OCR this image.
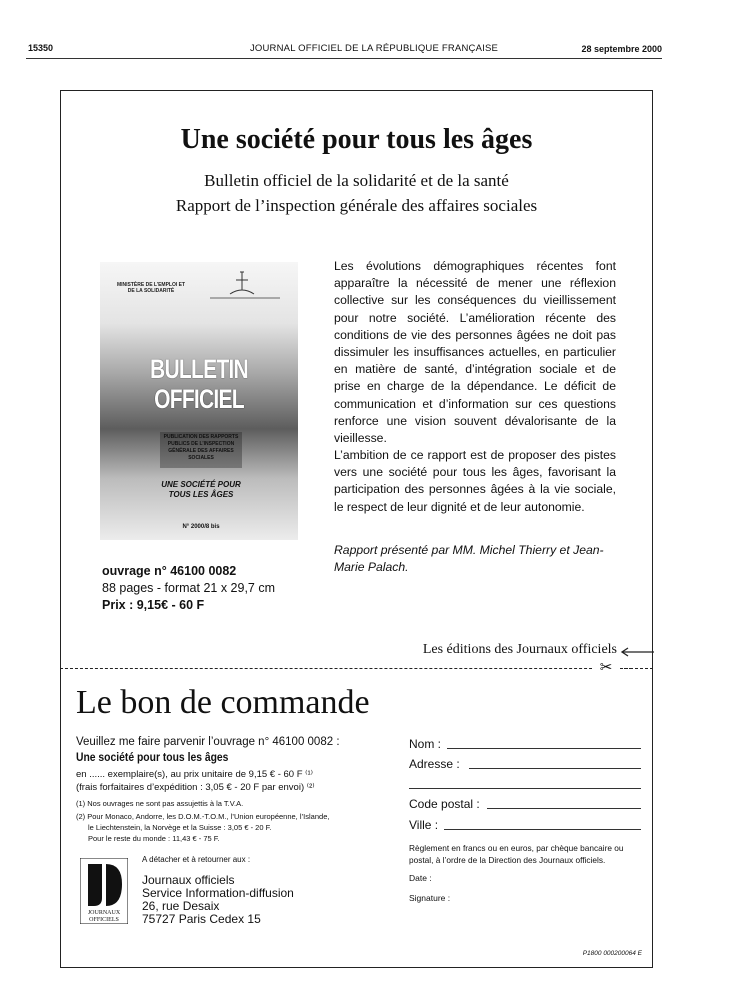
15350	JOURNAL OFFICIEL DE LA RÉPUBLIQUE FRANÇAISE	28 septembre 2000
Une société pour tous les âges
Bulletin officiel de la solidarité et de la santé
Rapport de l’inspection générale des affaires sociales
MINISTÈRE DE L’EMPLOI ET DE LA SOLIDARITÉ
BULLETIN
OFFICIEL
PUBLICATION DES RAPPORTS PUBLICS DE L’INSPECTION GÉNÉRALE DES AFFAIRES SOCIALES
UNE SOCIÉTÉ POUR TOUS LES ÂGES
N° 2000/8 bis
ouvrage n° 46100 0082
88 pages - format 21 x 29,7 cm
Prix : 9,15€ - 60 F
Les évolutions démographiques récentes font apparaître la nécessité de mener une réflexion collective sur les conséquences du vieillissement pour notre société. L’amélioration récente des conditions de vie des personnes âgées ne doit pas dissimuler les insuffisances actuelles, en particulier en matière de santé, d’intégration sociale et de prise en charge de la dépendance. Le déficit de communication et d’information sur ces questions renforce une vision souvent dévalorisante de la vieillesse.
L’ambition de ce rapport est de proposer des pistes vers une société pour tous les âges, favorisant la participation des personnes âgées à la vie sociale, le respect de leur dignité et de leur autonomie.
Rapport présenté par MM. Michel Thierry et Jean-Marie Palach.
Les éditions des Journaux officiels
✂
Le bon de commande
Veuillez me faire parvenir l’ouvrage n° 46100 0082 :
Une société pour tous les âges
en ...... exemplaire(s), au prix unitaire de 9,15 € - 60 F ⁽¹⁾
(frais forfaitaires d’expédition : 3,05 € - 20 F par envoi) ⁽²⁾
(1) Nos ouvrages ne sont pas assujettis à la T.V.A.
(2) Pour Monaco, Andorre, les D.O.M.-T.O.M., l’Union européenne, l’Islande,
le Liechtenstein, la Norvège et la Suisse : 3,05 € - 20 F.
Pour le reste du monde : 11,43 € - 75 F.
A détacher et à retourner aux :
JOURNAUX
OFFICIELS
Journaux officiels
Service Information-diffusion
26, rue Desaix
75727 Paris Cedex 15
Nom :
Adresse :
Code postal :
Ville :
Règlement en francs ou en euros, par chèque bancaire ou postal, à l’ordre de la Direction des Journaux officiels.
Date :
Signature :
P1800 000200064 E
